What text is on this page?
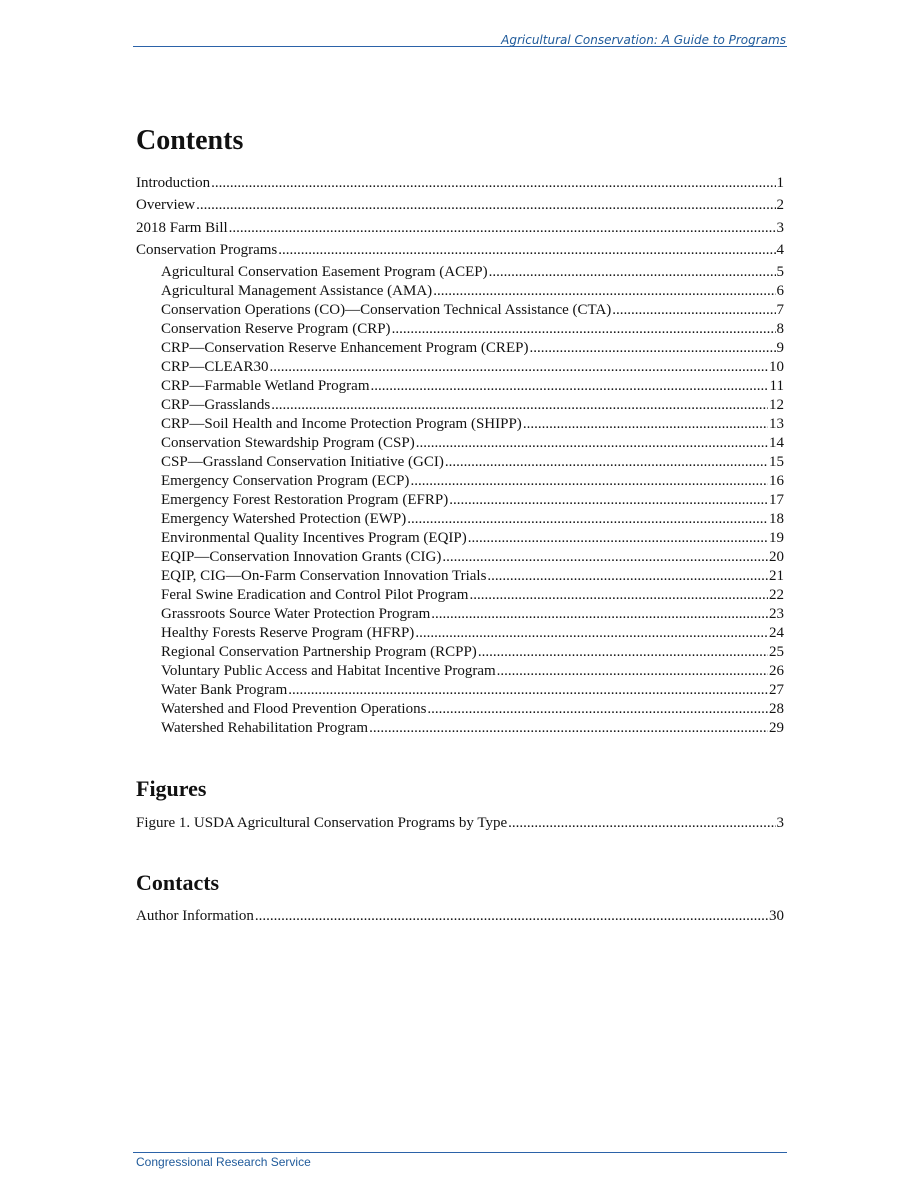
Agricultural Conservation: A Guide to Programs
Contents
Introduction .....	1
Overview .....	2
2018 Farm Bill .....	3
Conservation Programs .....	4
Agricultural Conservation Easement Program (ACEP) .....	5
Agricultural Management Assistance (AMA) .....	6
Conservation Operations (CO)—Conservation Technical Assistance (CTA) .....	7
Conservation Reserve Program (CRP) .....	8
CRP—Conservation Reserve Enhancement Program (CREP) .....	9
CRP—CLEAR30 .....	10
CRP—Farmable Wetland Program .....	11
CRP—Grasslands .....	12
CRP—Soil Health and Income Protection Program (SHIPP) .....	13
Conservation Stewardship Program (CSP) .....	14
CSP—Grassland Conservation Initiative (GCI) .....	15
Emergency Conservation Program (ECP) .....	16
Emergency Forest Restoration Program (EFRP) .....	17
Emergency Watershed Protection (EWP) .....	18
Environmental Quality Incentives Program (EQIP) .....	19
EQIP—Conservation Innovation Grants (CIG) .....	20
EQIP, CIG—On-Farm Conservation Innovation Trials .....	21
Feral Swine Eradication and Control Pilot Program .....	22
Grassroots Source Water Protection Program .....	23
Healthy Forests Reserve Program (HFRP) .....	24
Regional Conservation Partnership Program (RCPP) .....	25
Voluntary Public Access and Habitat Incentive Program .....	26
Water Bank Program .....	27
Watershed and Flood Prevention Operations .....	28
Watershed Rehabilitation Program .....	29
Figures
Figure 1. USDA Agricultural Conservation Programs by Type .....	3
Contacts
Author Information .....	30
Congressional Research Service
